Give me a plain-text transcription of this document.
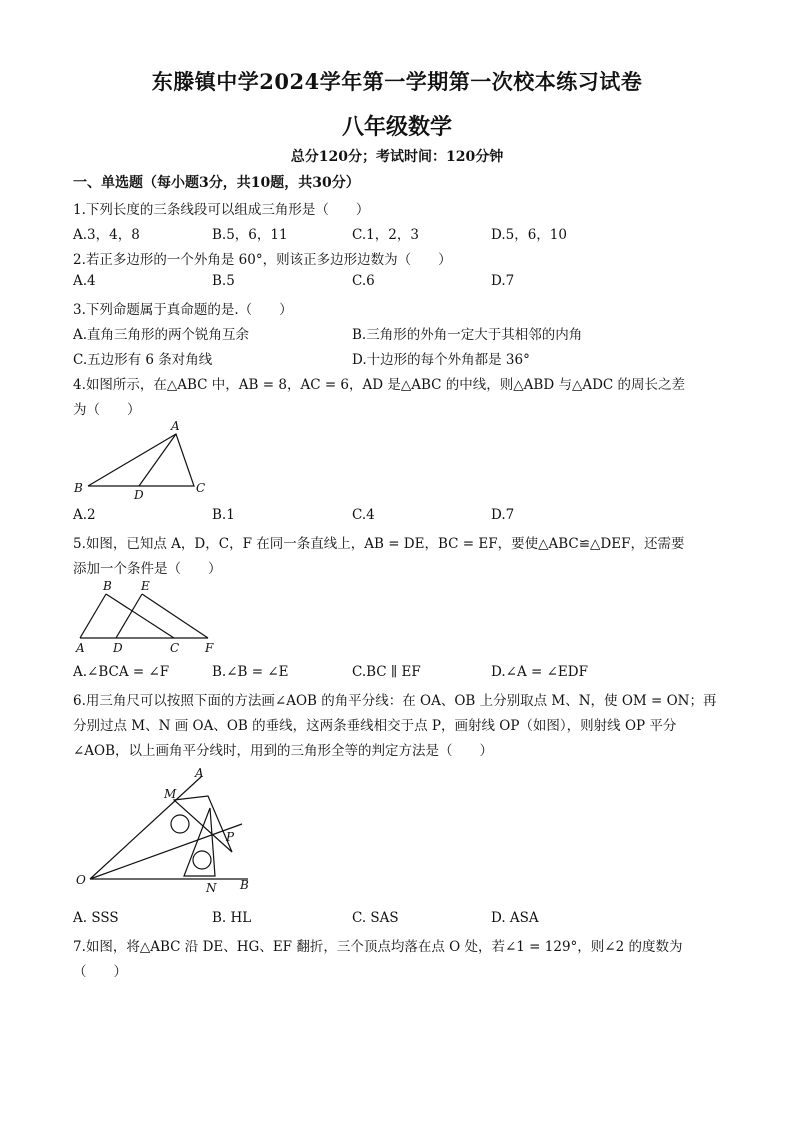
东滕镇中学2024学年第一学期第一次校本练习试卷
八年级数学
总分120分；考试时间：120分钟
一、单选题（每小题3分，共10题，共30分）
1.下列长度的三条线段可以组成三角形是（　　）
A.3，4，8	B.5，6，11	C.1，2，3	D.5，6，10
2.若正多边形的一个外角是 60°，则该正多边形边数为（　　）
A.4	B.5	C.6	D.7
3.下列命题属于真命题的是.（　　）
A.直角三角形的两个锐角互余	B.三角形的外角一定大于其相邻的内角
C.五边形有 6 条对角线	D.十边形的每个外角都是 36°
4.如图所示，在△ABC 中，AB = 8，AC = 6，AD 是△ABC 的中线，则△ABD 与△ADC 的周长之差
为（　　）
A
B	C
D
A.2	B.1	C.4	D.7
5.如图，已知点 A，D，C，F 在同一条直线上，AB = DE，BC = EF，要使△ABC≌△DEF，还需要
添加一个条件是（　　）
B E
A D	C F
A.∠BCA = ∠F	B.∠B = ∠E	C.BC ∥ EF	D.∠A = ∠EDF
6.用三角尺可以按照下面的方法画∠AOB 的角平分线：在 OA、OB 上分别取点 M、N，使 OM = ON；再
分别过点 M、N 画 OA、OB 的垂线，这两条垂线相交于点 P，画射线 OP（如图），则射线 OP 平分
∠AOB，以上画角平分线时，用到的三角形全等的判定方法是（　　）
A
M
P
O
N B
A. SSS	B. HL	C. SAS	D. ASA
7.如图，将△ABC 沿 DE、HG、EF 翻折，三个顶点均落在点 O 处，若∠1 = 129°，则∠2 的度数为
（　　）
